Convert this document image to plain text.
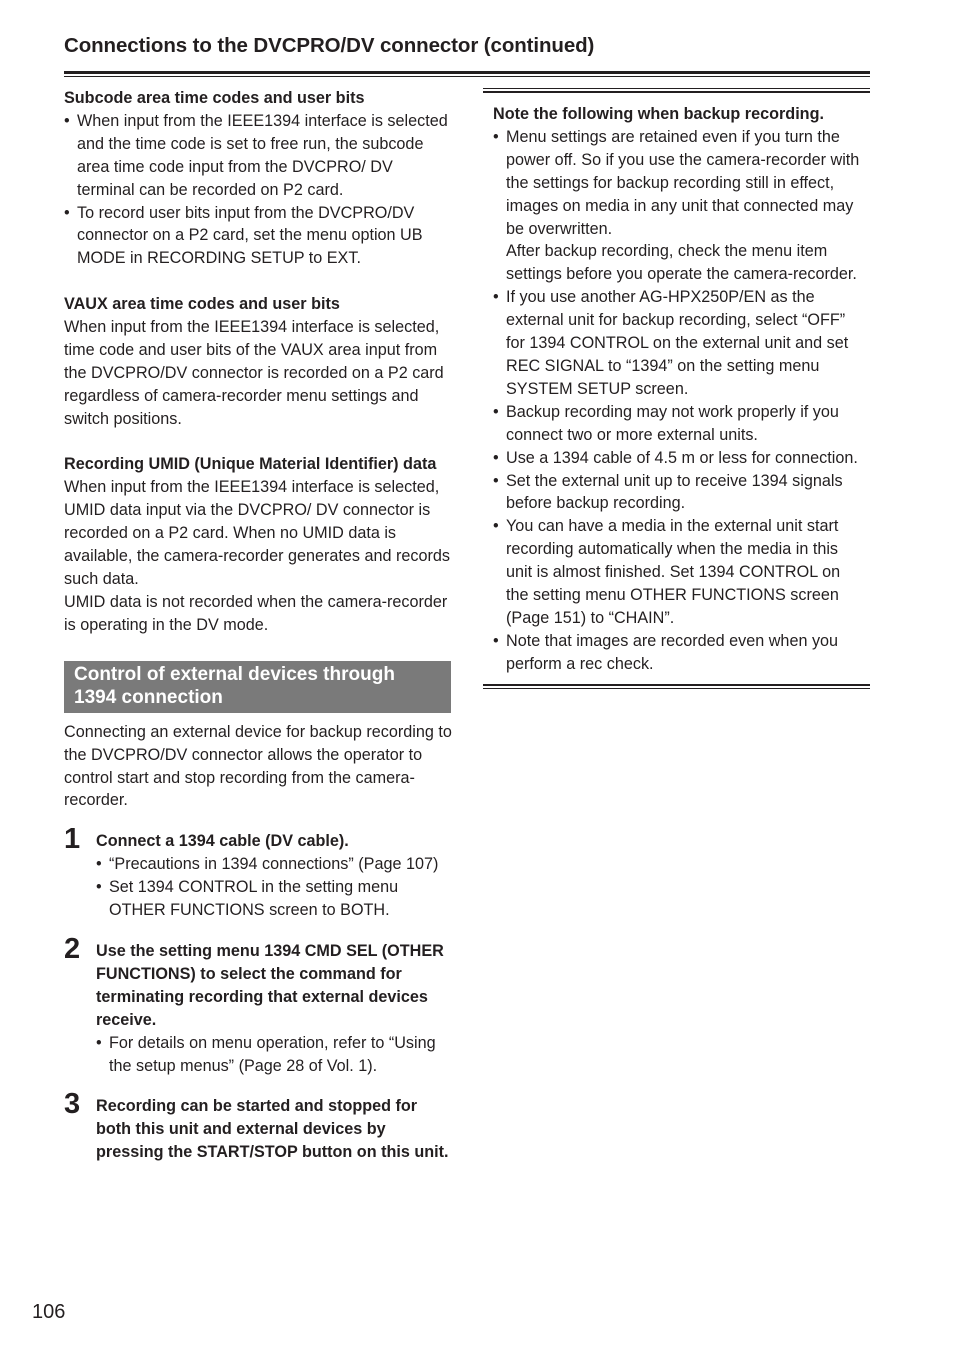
Connections to the DVCPRO/DV connector (continued)

Subcode area time codes and user bits

• When input from the IEEE1394 interface is selected and the time code is set to free run, the subcode area time code input from the DVCPRO/ DV terminal can be recorded on P2 card.
• To record user bits input from the DVCPRO/DV connector on a P2 card, set the menu option UB MODE in RECORDING SETUP to EXT.

VAUX area time codes and user bits

When input from the IEEE1394 interface is selected, time code and user bits of the VAUX area input from the DVCPRO/DV connector is recorded on a P2 card regardless of camera-recorder menu settings and switch positions.

Recording UMID (Unique Material Identifier) data

When input from the IEEE1394 interface is selected, UMID data input via the DVCPRO/ DV connector is recorded on a P2 card. When no UMID data is available, the camera-recorder generates and records such data.

UMID data is not recorded when the camera-recorder is operating in the DV mode.

Control of external devices through 1394 connection

Connecting an external device for backup recording to the DVCPRO/DV connector allows the operator to control start and stop recording from the camera-recorder.

1 Connect a 1394 cable (DV cable).

• “Precautions in 1394 connections” (Page 107)
• Set 1394 CONTROL in the setting menu OTHER FUNCTIONS screen to BOTH.
2 Use the setting menu 1394 CMD SEL (OTHER FUNCTIONS) to select the command for terminating recording that external devices receive.

• For details on menu operation, refer to “Using the setup menus” (Page 28 of Vol. 1).
3 Recording can be started and stopped for both this unit and external devices by pressing the START/STOP button on this unit.

Note the following when backup recording.

• Menu settings are retained even if you turn the power off. So if you use the camera-recorder with the settings for backup recording still in effect, images on media in any unit that connected may be overwritten.
After backup recording, check the menu item settings before you operate the camera-recorder.
• If you use another AG-HPX250P/EN as the external unit for backup recording, select “OFF” for 1394 CONTROL on the external unit and set REC SIGNAL to “1394” on the setting menu SYSTEM SETUP screen.
• Backup recording may not work properly if you connect two or more external units.
• Use a 1394 cable of 4.5 m or less for connection.
• Set the external unit up to receive 1394 signals before backup recording.
• You can have a media in the external unit start recording automatically when the media in this unit is almost finished. Set 1394 CONTROL on the setting menu OTHER FUNCTIONS screen (Page 151) to “CHAIN”.
• Note that images are recorded even when you perform a rec check.
106
